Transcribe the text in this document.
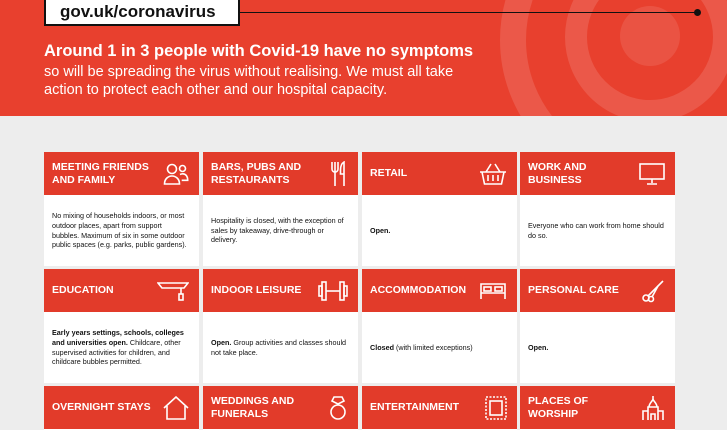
gov.uk/coronavirus
Around 1 in 3 people with Covid-19 have no symptoms
so will be spreading the virus without realising. We must all take action to protect each other and our hospital capacity.
MEETING FRIENDS AND FAMILY
No mixing of households indoors, or most outdoor places, apart from support bubbles. Maximum of six in some outdoor public spaces (e.g. parks, public gardens).
BARS, PUBS AND RESTAURANTS
Hospitality is closed, with the exception of sales by takeaway, drive-through or delivery.
RETAIL
Open.
WORK AND BUSINESS
Everyone who can work from home should do so.
EDUCATION
Early years settings, schools, colleges and universities open. Childcare, other supervised activities for children, and childcare bubbles permitted.
INDOOR LEISURE
Open. Group activities and classes should not take place.
ACCOMMODATION
Closed (with limited exceptions)
PERSONAL CARE
Open.
OVERNIGHT STAYS
WEDDINGS AND FUNERALS
ENTERTAINMENT
PLACES OF WORSHIP
